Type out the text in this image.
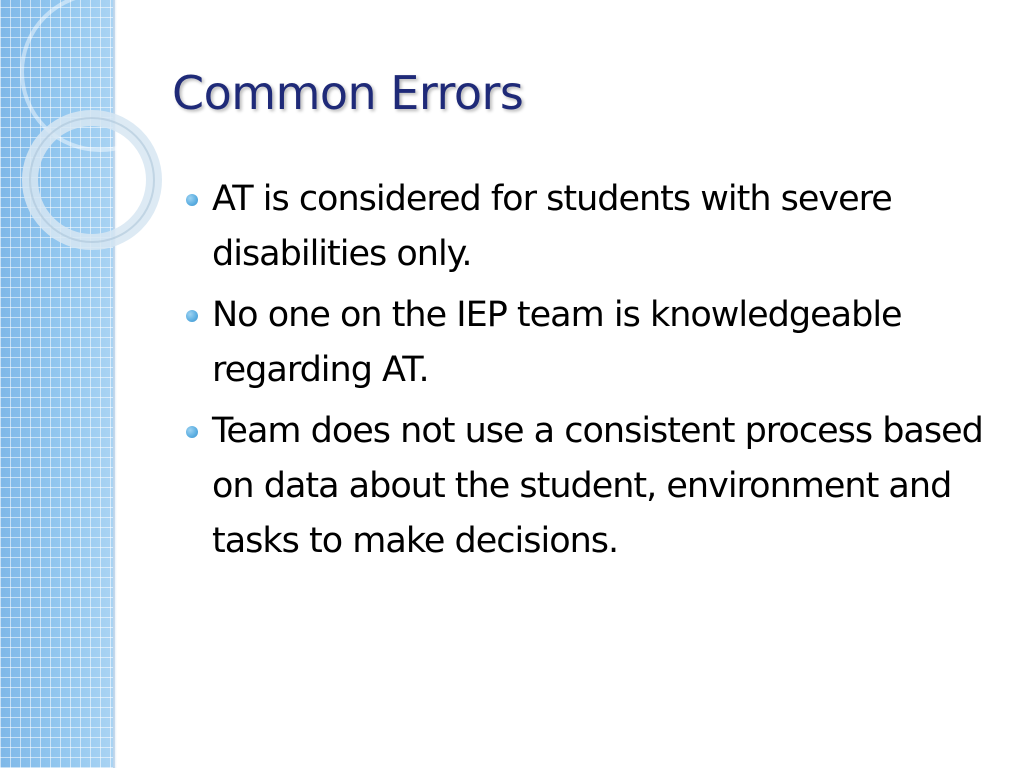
Common Errors
AT is considered for students with severe disabilities only.
No one on the IEP team is knowledgeable regarding AT.
Team does not use a consistent process based on data about the student, environment and tasks to make decisions.
